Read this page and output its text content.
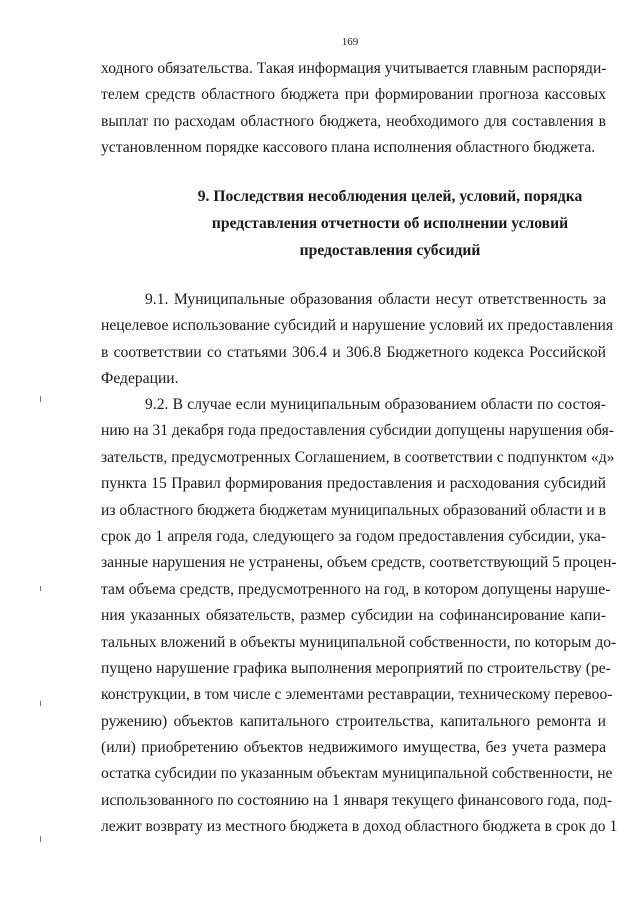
169
ходного обязательства. Такая информация учитывается главным распоряди-
телем средств областного бюджета при формировании прогноза кассовых
выплат по расходам областного бюджета, необходимого для составления в
установленном порядке кассового плана исполнения областного бюджета.
9. Последствия несоблюдения целей, условий, порядка
представления отчетности об исполнении условий
предоставления субсидий
9.1. Муниципальные образования области несут ответственность за
нецелевое использование субсидий и нарушение условий их предоставления
в соответствии со статьями 306.4 и 306.8 Бюджетного кодекса Российской
Федерации.
9.2. В случае если муниципальным образованием области по состоя-
нию на 31 декабря года предоставления субсидии допущены нарушения обя-
зательств, предусмотренных Соглашением, в соответствии с подпунктом «д»
пункта 15 Правил формирования предоставления и расходования субсидий
из областного бюджета бюджетам муниципальных образований области и в
срок до 1 апреля года, следующего за годом предоставления субсидии, ука-
занные нарушения не устранены, объем средств, соответствующий 5 процен-
там объема средств, предусмотренного на год, в котором допущены наруше-
ния указанных обязательств, размер субсидии на софинансирование капи-
тальных вложений в объекты муниципальной собственности, по которым до-
пущено нарушение графика выполнения мероприятий по строительству (ре-
конструкции, в том числе с элементами реставрации, техническому перевоо-
ружению) объектов капитального строительства, капитального ремонта и
(или) приобретению объектов недвижимого имущества, без учета размера
остатка субсидии по указанным объектам муниципальной собственности, не
использованного по состоянию на 1 января текущего финансового года, под-
лежит возврату из местного бюджета в доход областного бюджета в срок до 1
